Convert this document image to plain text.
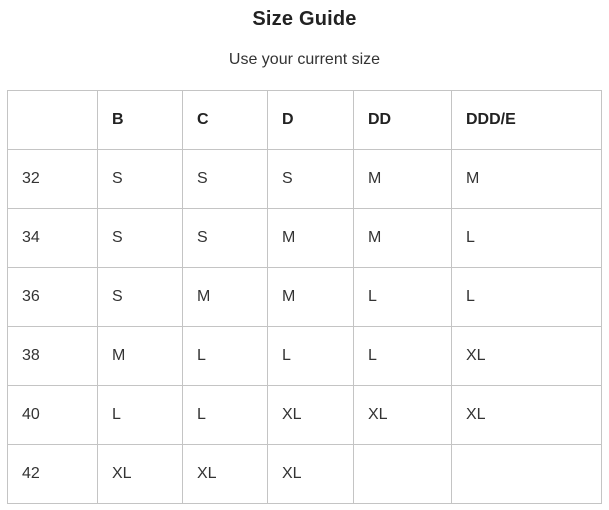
Size Guide
Use your current size
	B	C	D	DD	DDD/E
32	S	S	S	M	M
34	S	S	M	M	L
36	S	M	M	L	L
38	M	L	L	L	XL
40	L	L	XL	XL	XL
42	XL	XL	XL		
